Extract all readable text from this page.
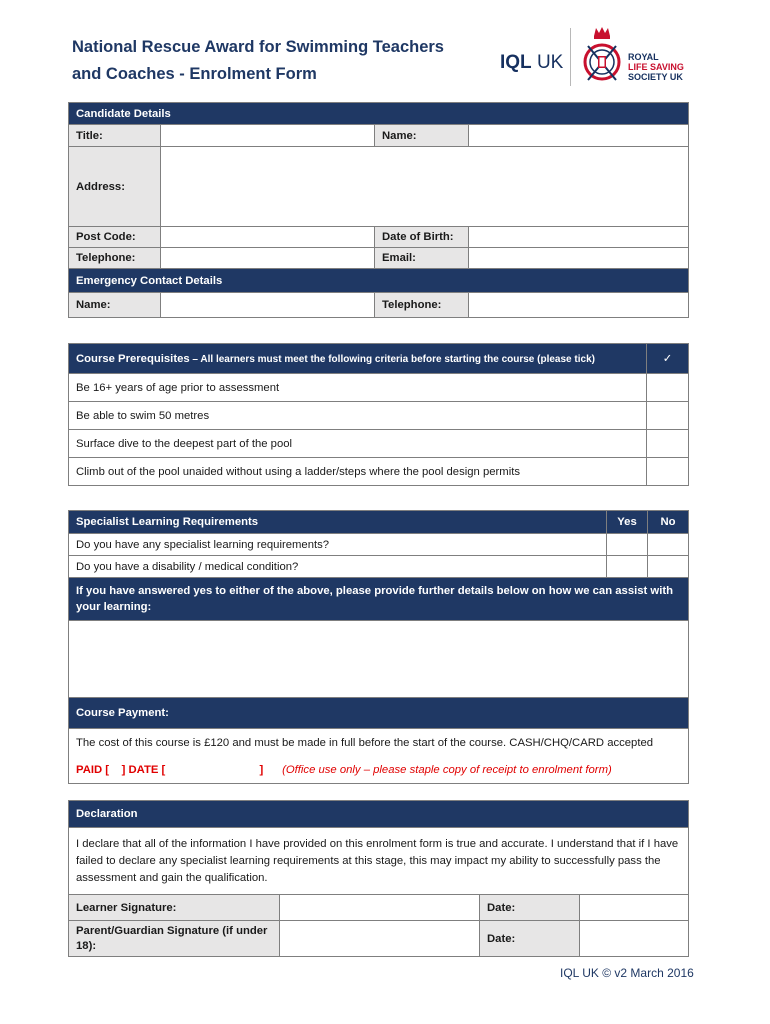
National Rescue Award for Swimming Teachers
and Coaches - Enrolment Form
IQL UK	ROYAL
LIFE SAVING
SOCIETY UK
Candidate Details			
Title:		Name:	
Address:			
Post Code:		Date of Birth:	
Telephone:		Email:	
Emergency Contact Details			
Name:		Telephone:	
Course Prerequisites – All learners must meet the following criteria before starting the course (please tick)	✓
Be 16+ years of age prior to assessment	
Be able to swim 50 metres	
Surface dive to the deepest part of the pool	
Climb out of the pool unaided without using a ladder/steps where the pool design permits	
Specialist Learning Requirements	Yes	No
Do you have any specialist learning requirements?		
Do you have a disability / medical condition?		
If you have answered yes to either of the above, please provide further details below on how we can assist with your learning:		

Course Payment:		
The cost of this course is £120 and must be made in full before the start of the course. CASH/CHQ/CARD accepted		
PAID [    ] DATE [                              ] (Office use only – please staple copy of receipt to enrolment form)		
Declaration			
I declare that all of the information I have provided on this enrolment form is true and accurate. I understand that if I have failed to declare any specialist learning requirements at this stage, this may impact my ability to successfully pass the assessment and gain the qualification.			
Learner Signature:		Date:	
Parent/Guardian Signature (if under 18):		Date:	
IQL UK © v2 March 2016
